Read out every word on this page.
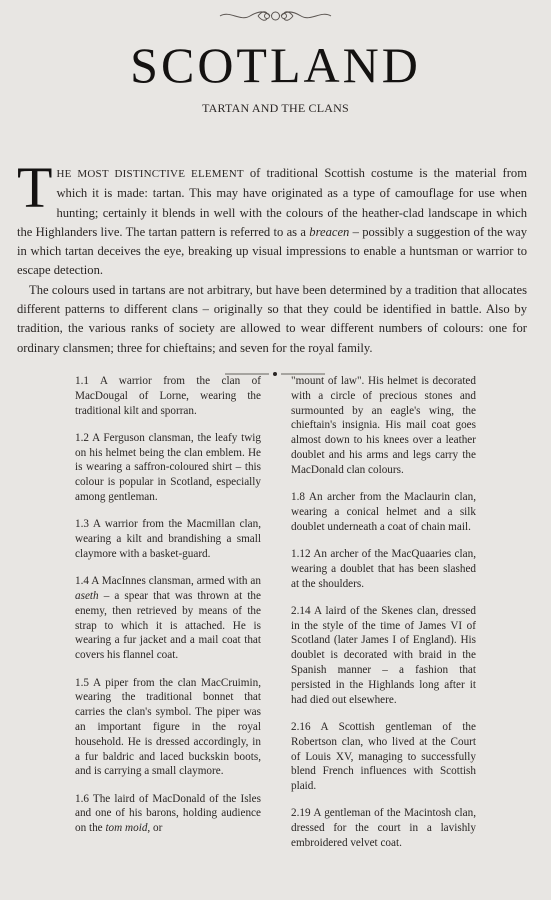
SCOTLAND
TARTAN AND THE CLANS

THE MOST DISTINCTIVE ELEMENT of traditional Scottish costume is the material from which it is made: tartan. This may have originated as a type of camouflage for use when hunting; certainly it blends in well with the colours of the heather-clad landscape in which the Highlanders live. The tartan pattern is referred to as a breacen – possibly a suggestion of the way in which tartan deceives the eye, breaking up visual impressions to enable a huntsman or warrior to escape detection.

The colours used in tartans are not arbitrary, but have been determined by a tradition that allocates different patterns to different clans – originally so that they could be identified in battle. Also by tradition, the various ranks of society are allowed to wear different numbers of colours: one for ordinary clansmen; three for chieftains; and seven for the royal family.

1.1 A warrior from the clan of MacDougal of Lorne, wearing the traditional kilt and sporran.

1.2 A Ferguson clansman, the leafy twig on his helmet being the clan emblem. He is wearing a saffron-coloured shirt – this colour is popular in Scotland, especially among gentleman.

1.3 A warrior from the Macmillan clan, wearing a kilt and brandishing a small claymore with a basket-guard.

1.4 A MacInnes clansman, armed with an aseth – a spear that was thrown at the enemy, then retrieved by means of the strap to which it is attached. He is wearing a fur jacket and a mail coat that covers his flannel coat.

1.5 A piper from the clan MacCruimin, wearing the traditional bonnet that carries the clan's symbol. The piper was an important figure in the royal household. He is dressed accordingly, in a fur baldric and laced buckskin boots, and is carrying a small claymore.

1.6 The laird of MacDonald of the Isles and one of his barons, holding audience on the tom moid, or

"mount of law". His helmet is decorated with a circle of precious stones and surmounted by an eagle's wing, the chieftain's insignia. His mail coat goes almost down to his knees over a leather doublet and his arms and legs carry the MacDonald clan colours.

1.8 An archer from the Maclaurin clan, wearing a conical helmet and a silk doublet underneath a coat of chain mail.

1.12 An archer of the MacQuaaries clan, wearing a doublet that has been slashed at the shoulders.

2.14 A laird of the Skenes clan, dressed in the style of the time of James VI of Scotland (later James I of England). His doublet is decorated with braid in the Spanish manner – a fashion that persisted in the Highlands long after it had died out elsewhere.

2.16 A Scottish gentleman of the Robertson clan, who lived at the Court of Louis XV, managing to successfully blend French influences with Scottish plaid.

2.19 A gentleman of the Macintosh clan, dressed for the court in a lavishly embroidered velvet coat.
